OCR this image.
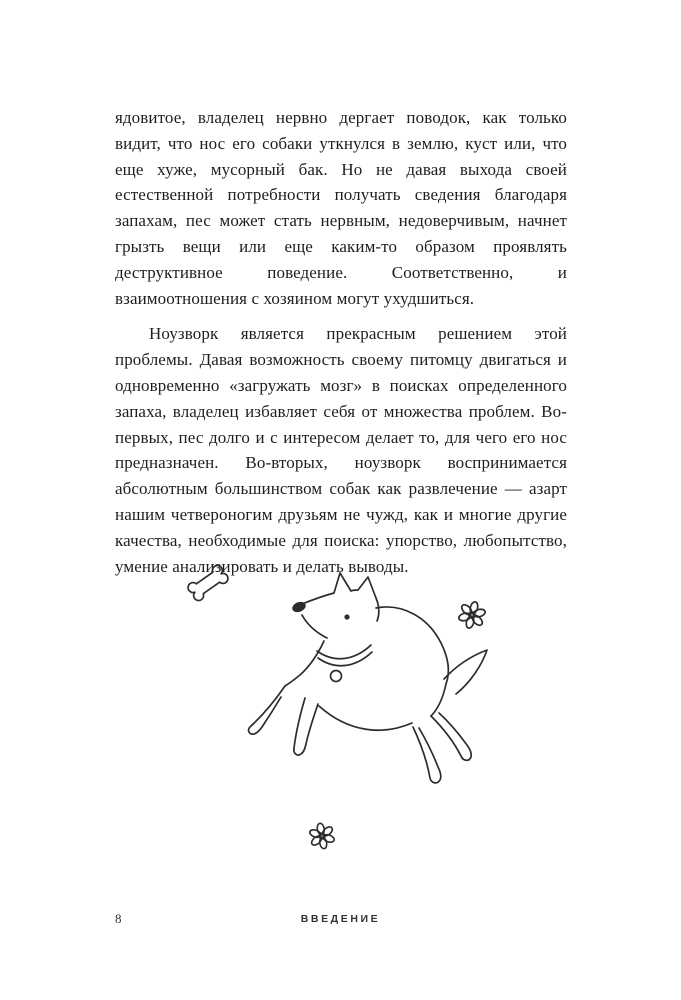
ядовитое, владелец нервно дергает поводок, как только видит, что нос его собаки уткнулся в землю, куст или, что еще хуже, мусорный бак. Но не давая выхода своей естественной потребности получать сведения благодаря запахам, пес может стать нервным, недоверчивым, начнет грызть вещи или еще каким-то образом проявлять деструктивное поведение. Соответственно, и взаимоотношения с хозяином могут ухудшиться.

Ноузворк является прекрасным решением этой проблемы. Давая возможность своему питомцу двигаться и одновременно «загружать мозг» в поисках определенного запаха, владелец избавляет себя от множества проблем. Во-первых, пес долго и с интересом делает то, для чего его нос предназначен. Во-вторых, ноузворк воспринимается абсолютным большинством собак как развлечение — азарт нашим четвероногим друзьям не чужд, как и многие другие качества, необходимые для поиска: упорство, любопытство, умение анализировать и делать выводы.

8	ВВЕДЕНИЕ
